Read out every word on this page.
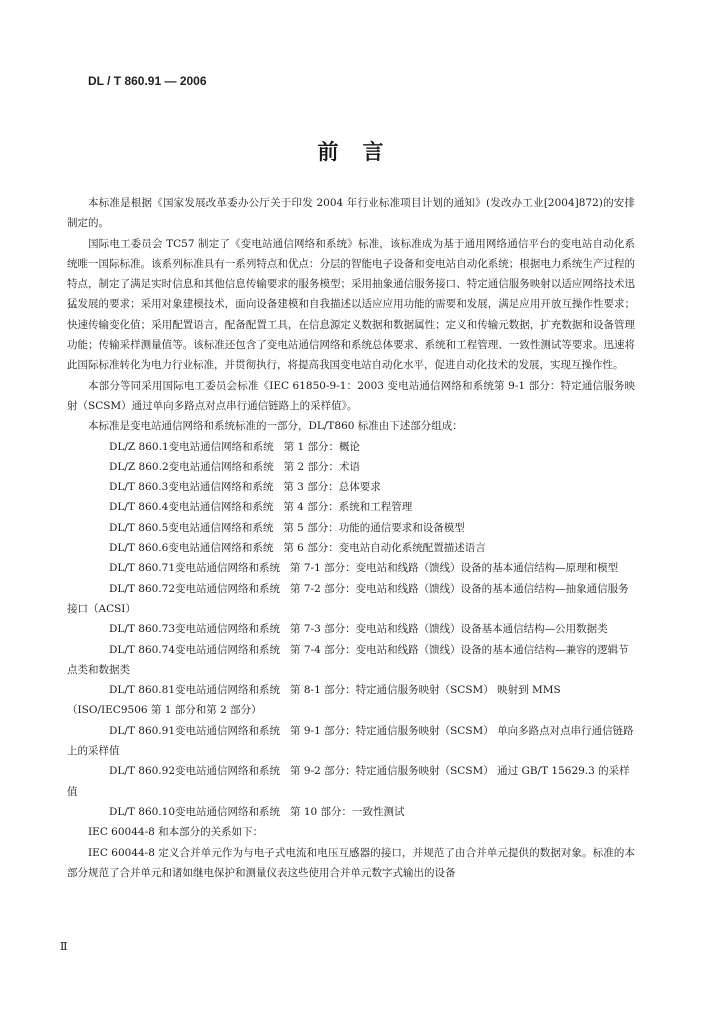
DL / T 860.91 — 2006
前言

本标准是根据《国家发展改革委办公厅关于印发 2004 年行业标准项目计划的通知》(发改办工业[2004]872)的安排制定的。

国际电工委员会 TC57 制定了《变电站通信网络和系统》标准，该标准成为基于通用网络通信平台的变电站自动化系统唯一国际标准。该系列标准具有一系列特点和优点：分层的智能电子设备和变电站自动化系统；根据电力系统生产过程的特点，制定了满足实时信息和其他信息传输要求的服务模型；采用抽象通信服务接口、特定通信服务映射以适应网络技术迅猛发展的要求；采用对象建模技术，面向设备建模和自我描述以适应应用功能的需要和发展，满足应用开放互操作性要求；快速传输变化值；采用配置语言，配备配置工具，在信息源定义数据和数据属性；定义和传输元数据，扩充数据和设备管理功能；传输采样测量值等。该标准还包含了变电站通信网络和系统总体要求、系统和工程管理、一致性测试等要求。迅速将此国际标准转化为电力行业标准，并贯彻执行，将提高我国变电站自动化水平，促进自动化技术的发展，实现互操作性。

本部分等同采用国际电工委员会标准《IEC 61850-9-1：2003 变电站通信网络和系统第 9-1 部分：特定通信服务映射（SCSM）通过单向多路点对点串行通信链路上的采样值》。

本标准是变电站通信网络和系统标准的一部分，DL/T860 标准由下述部分组成：

DL/Z 860.1变电站通信网络和系统 第 1 部分：概论

DL/Z 860.2变电站通信网络和系统 第 2 部分：术语

DL/T 860.3变电站通信网络和系统 第 3 部分：总体要求

DL/T 860.4变电站通信网络和系统 第 4 部分：系统和工程管理

DL/T 860.5变电站通信网络和系统 第 5 部分：功能的通信要求和设备模型

DL/T 860.6变电站通信网络和系统 第 6 部分：变电站自动化系统配置描述语言

DL/T 860.71变电站通信网络和系统 第 7-1 部分：变电站和线路（馈线）设备的基本通信结构—原理和模型

DL/T 860.72变电站通信网络和系统 第 7-2 部分：变电站和线路（馈线）设备的基本通信结构—抽象通信服务接口（ACSI）

DL/T 860.73变电站通信网络和系统 第 7-3 部分：变电站和线路（馈线）设备基本通信结构—公用数据类

DL/T 860.74变电站通信网络和系统 第 7-4 部分：变电站和线路（馈线）设备的基本通信结构—兼容的逻辑节点类和数据类

DL/T 860.81变电站通信网络和系统 第 8-1 部分：特定通信服务映射（SCSM） 映射到 MMS（ISO/IEC9506 第 1 部分和第 2 部分）

DL/T 860.91变电站通信网络和系统 第 9-1 部分：特定通信服务映射（SCSM） 单向多路点对点串行通信链路上的采样值

DL/T 860.92变电站通信网络和系统 第 9-2 部分：特定通信服务映射（SCSM） 通过 GB/T 15629.3 的采样值

DL/T 860.10变电站通信网络和系统 第 10 部分：一致性测试

IEC 60044-8 和本部分的关系如下：

IEC 60044-8 定义合并单元作为与电子式电流和电压互感器的接口，并规范了由合并单元提供的数据对象。标准的本部分规范了合并单元和诸如继电保护和测量仪表这些使用合并单元数字式输出的设备

Ⅱ
